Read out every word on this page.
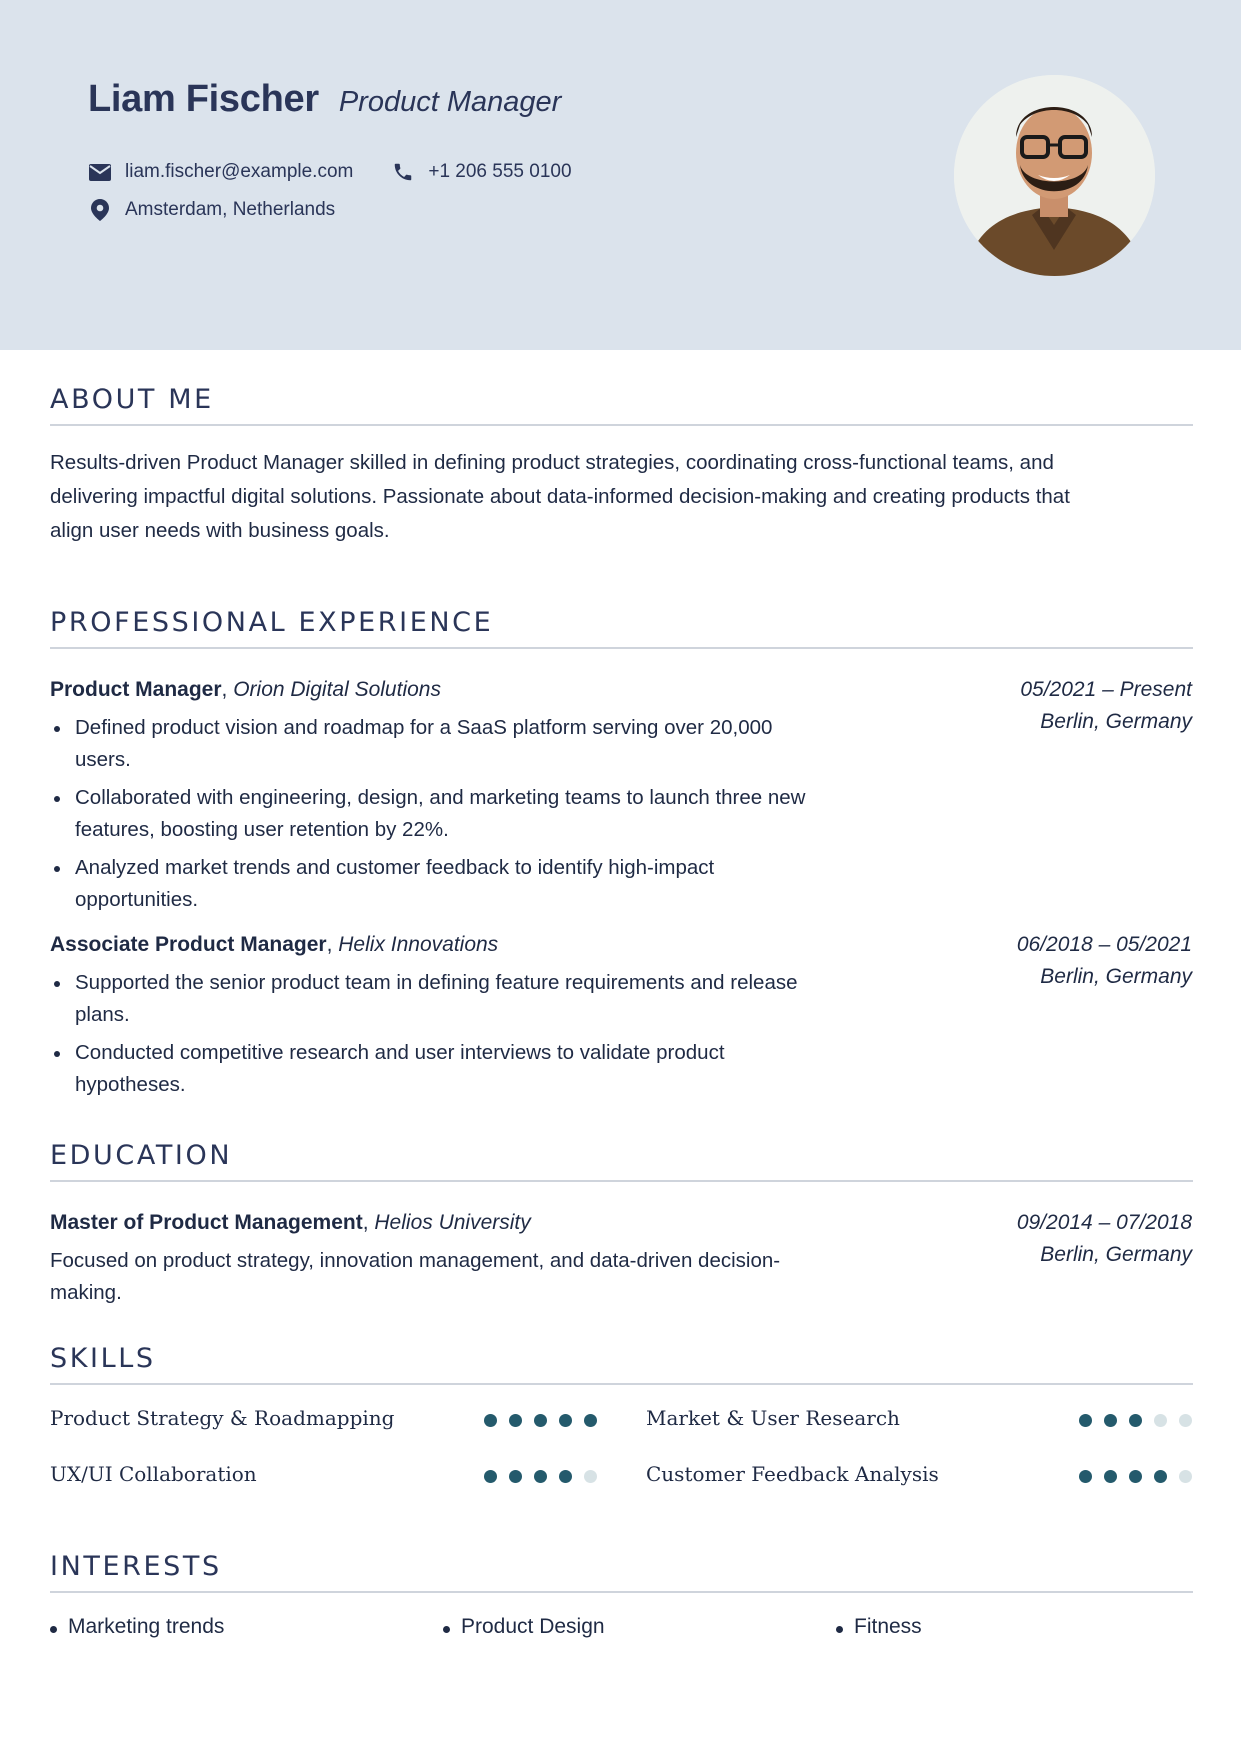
Liam Fischer Product Manager
liam.fischer@example.com	+1 206 555 0100
Amsterdam, Netherlands
ABOUT ME
Results-driven Product Manager skilled in defining product strategies, coordinating cross-functional teams, and
delivering impactful digital solutions. Passionate about data-informed decision-making and creating products that
align user needs with business goals.
PROFESSIONAL EXPERIENCE
Product Manager, Orion Digital Solutions	05/2021 – Present
Berlin, Germany
Defined product vision and roadmap for a SaaS platform serving over 20,000
users.
Collaborated with engineering, design, and marketing teams to launch three new
features, boosting user retention by 22%.
Analyzed market trends and customer feedback to identify high-impact
opportunities.
Associate Product Manager, Helix Innovations	06/2018 – 05/2021
Berlin, Germany
Supported the senior product team in defining feature requirements and release
plans.
Conducted competitive research and user interviews to validate product
hypotheses.
EDUCATION
Master of Product Management, Helios University	09/2014 – 07/2018
Berlin, Germany
Focused on product strategy, innovation management, and data-driven decision-
making.
SKILLS
Product Strategy & Roadmapping	Market & User Research
UX/UI Collaboration	Customer Feedback Analysis
INTERESTS
Marketing trends	Product Design	Fitness
